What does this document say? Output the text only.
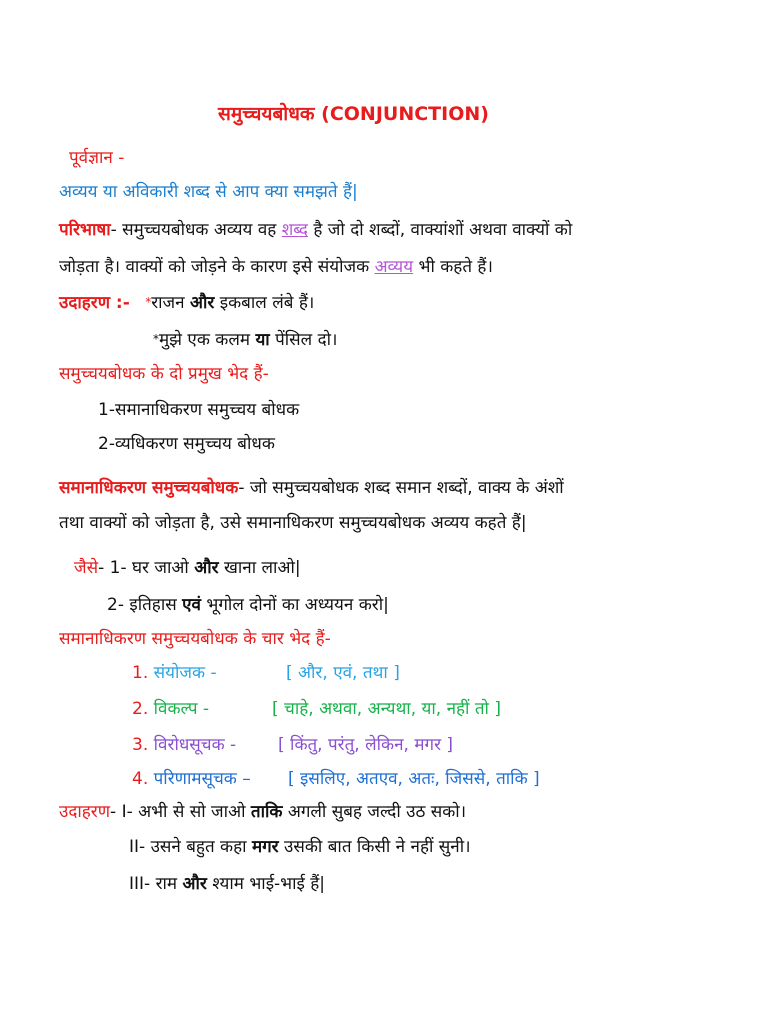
समुच्चयबोधक (CONJUNCTION)
पूर्वज्ञान -
अव्यय या अविकारी शब्द से आप क्या समझते हैं|
परिभाषा- समुच्चयबोधक अव्यय वह शब्द है जो दो शब्दों, वाक्यांशों अथवा वाक्यों को
जोड़ता है। वाक्यों को जोड़ने के कारण इसे संयोजक अव्यय भी कहते हैं।
उदाहरण :- *राजन और इकबाल लंबे हैं।
*मुझे एक कलम या पेंसिल दो।
समुच्चयबोधक के दो प्रमुख भेद हैं-
1-समानाधिकरण समुच्चय बोधक
2-व्यधिकरण समुच्चय बोधक
समानाधिकरण समुच्चयबोधक- जो समुच्चयबोधक शब्द समान शब्दों, वाक्य के अंशों
तथा वाक्यों को जोड़ता है, उसे समानाधिकरण समुच्चयबोधक अव्यय कहते हैं|
जैसे- 1- घर जाओ और खाना लाओ|
2- इतिहास एवं भूगोल दोनों का अध्ययन करो|
समानाधिकरण समुच्चयबोधक के चार भेद हैं-
1. संयोजक -	[ और, एवं, तथा ]
2. विकल्प -	[ चाहे, अथवा, अन्यथा, या, नहीं तो ]
3. विरोधसूचक - [ किंतु, परंतु, लेकिन, मगर ]
4. परिणामसूचक – [ इसलिए, अतएव, अतः, जिससे, ताकि ]
उदाहरण- I- अभी से सो जाओ ताकि अगली सुबह जल्दी उठ सको।
II- उसने बहुत कहा मगर उसकी बात किसी ने नहीं सुनी।
III- राम और श्याम भाई-भाई हैं|
